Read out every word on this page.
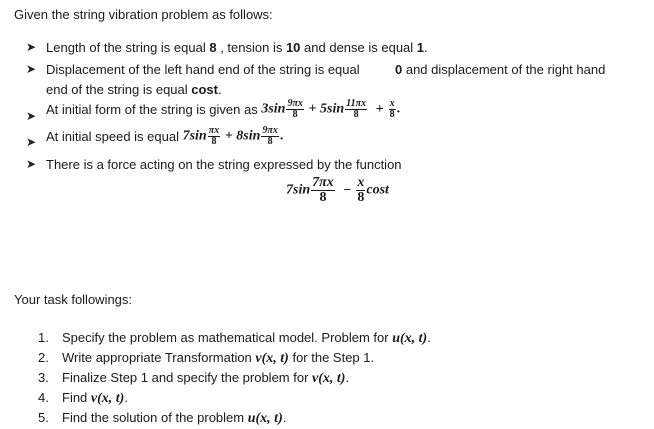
Given the string vibration problem as follows:
➤ Length of the string is equal 8 , tension is 10 and dense is equal 1.
➤ Displacement of the left hand end of the string is equal	0 and displacement of the right hand
end of the string is equal cost.
➤ At initial form of the string is given as $3\sin \frac{9\pi x}{8} + 5\sin \frac{11\pi x}{8} + \frac{x}{8}$ .
➤ At initial speed is equal $7\sin \frac{\pi x}{8} + 8\sin \frac{9\pi x}{8}$ .
➤ There is a force acting on the string expressed by the function
$7\sin \frac{7\pi x}{8} - \frac{x}{8}$ cost
Your task followings:
1. Specify the problem as mathematical model. Problem for u(x, t).
2. Write appropriate Transformation v(x, t) for the Step 1.
3. Finalize Step 1 and specify the problem for v(x, t).
4. Find v(x, t).
5. Find the solution of the problem u(x, t).
